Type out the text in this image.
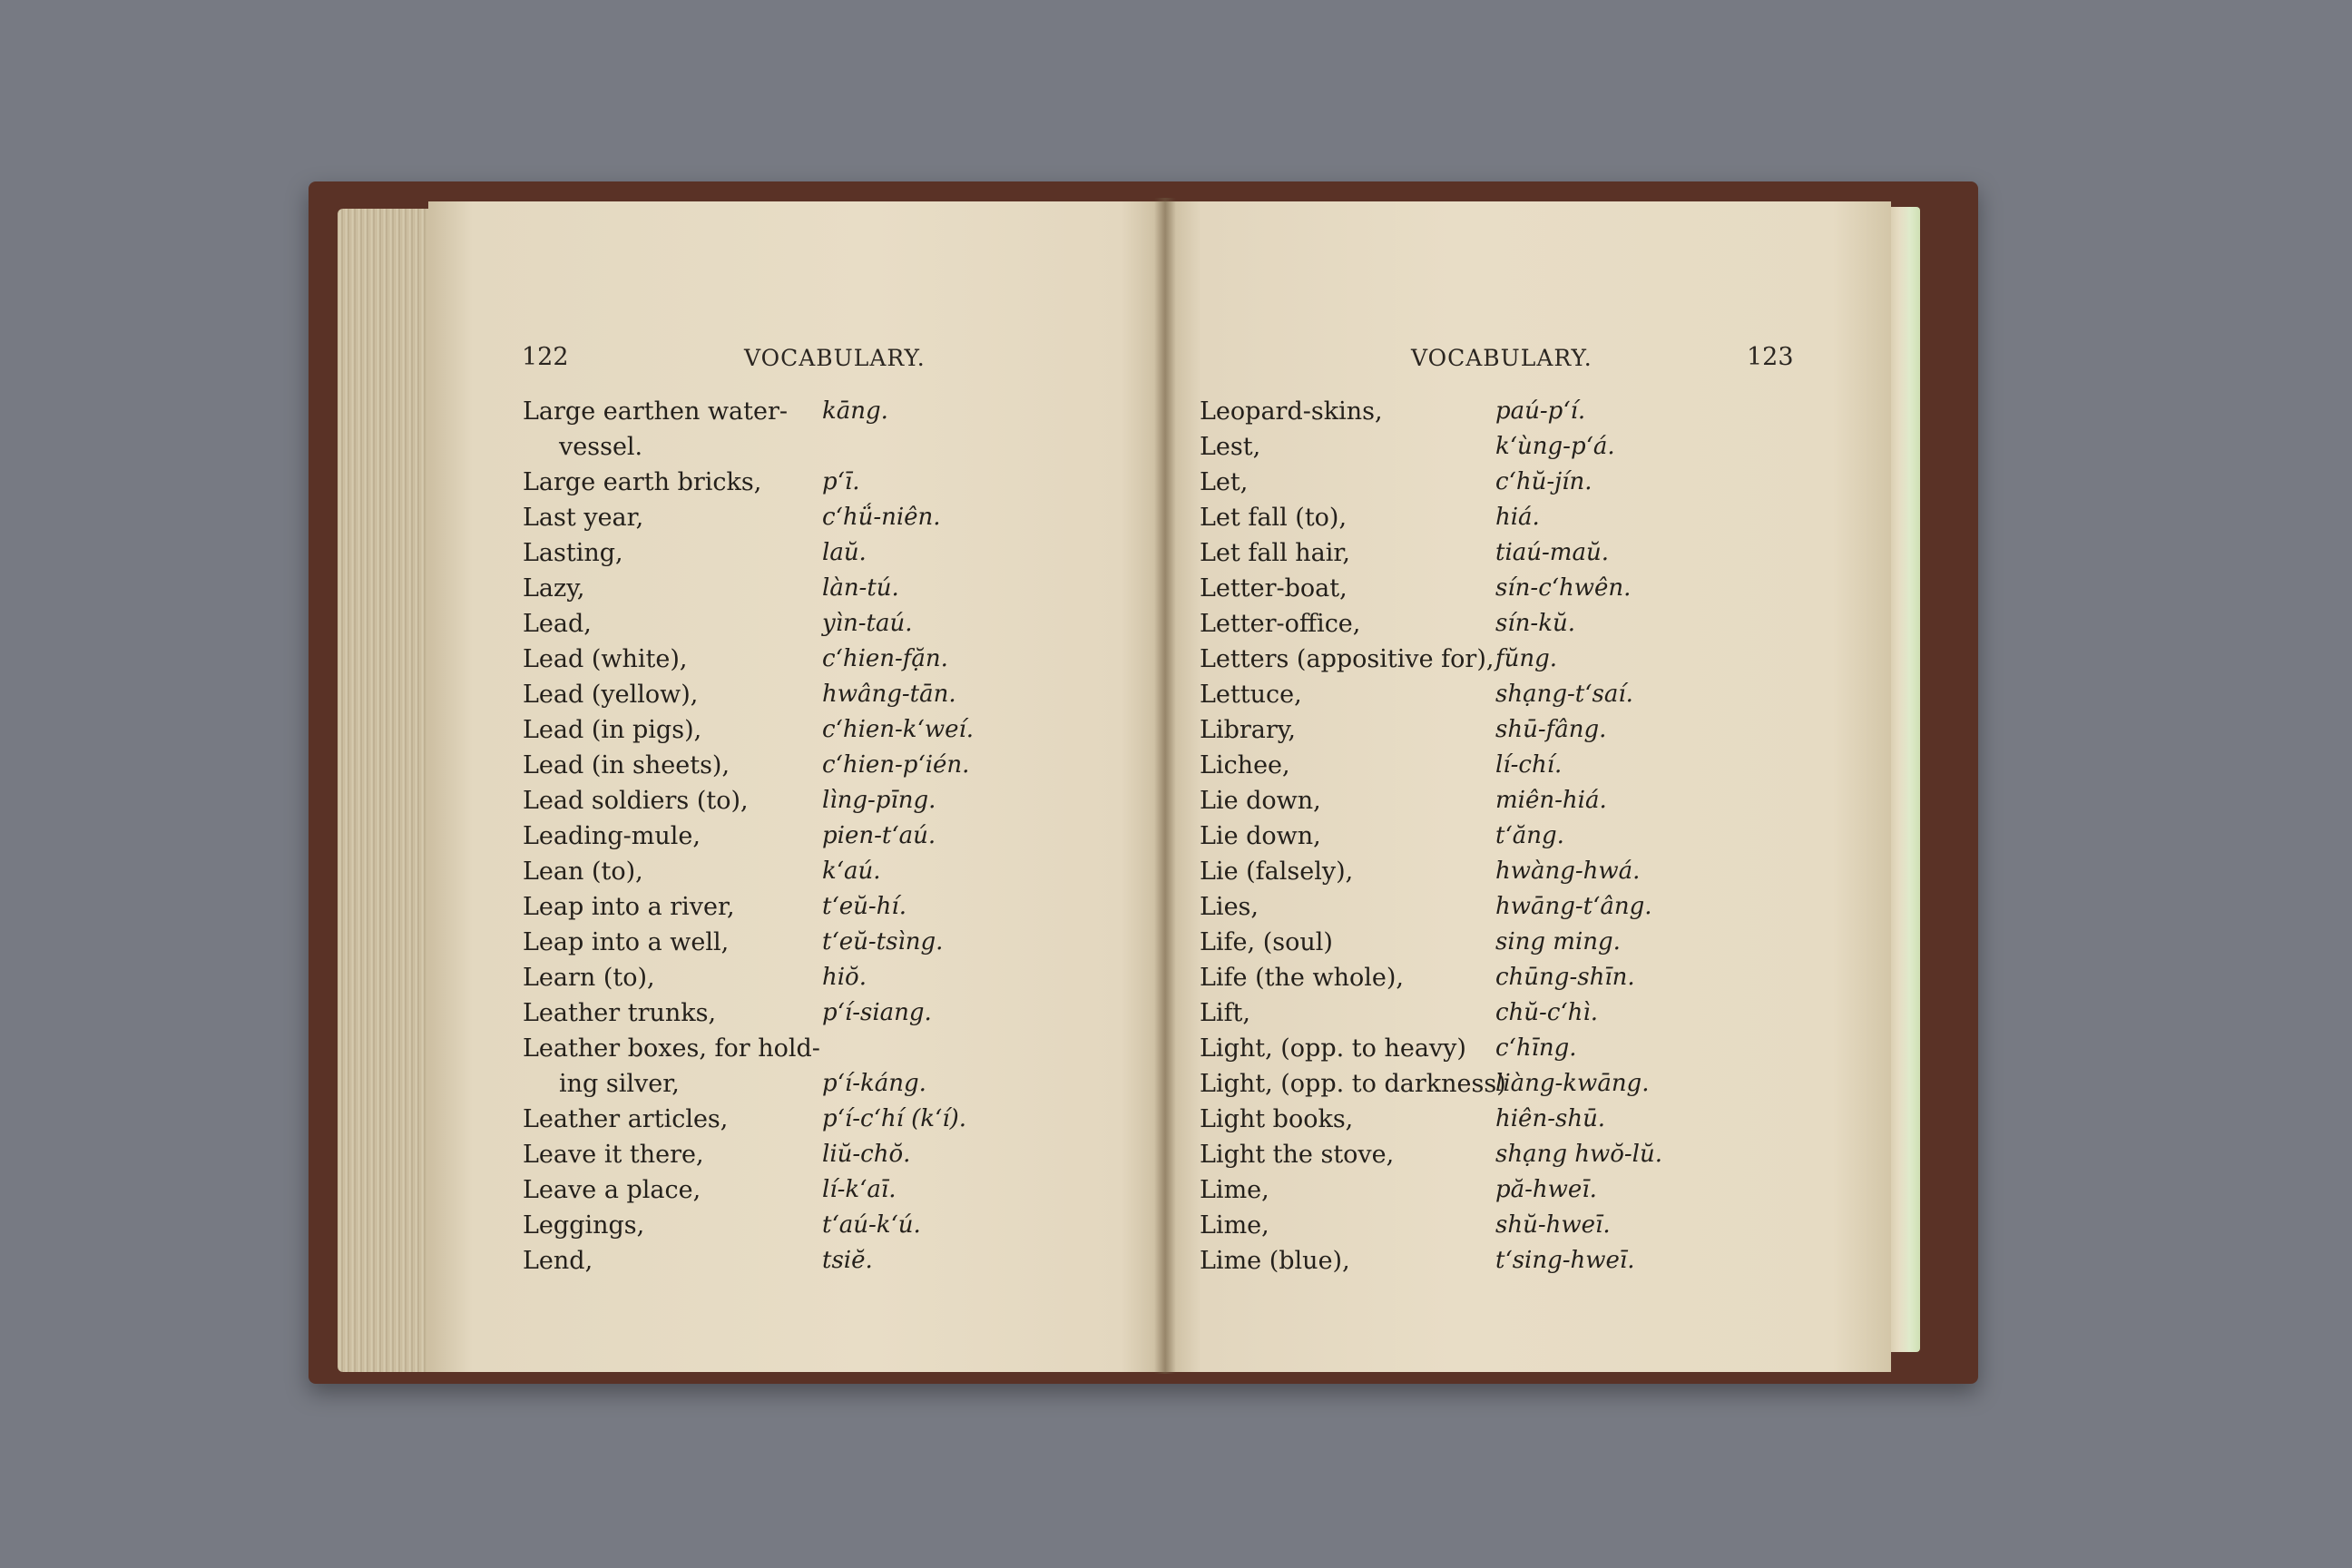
122	VOCABULARY.	VOCABULARY.	123
Large earthen water- kāng.
vessel.
Large earth bricks,	p‘ī.
Last year,	c‘hǘ-niên.
Lasting,	laŭ.
Lazy,	làn-tú.
Lead,	yìn-taú.
Lead (white),	c‘hien-fặn.
Lead (yellow),	hwâng-tān.
Lead (in pigs),	c‘hien-k‘weí.
Lead (in sheets),	c‘hien-p‘ién.
Lead soldiers (to),	lìng-pīng.
Leading-mule,	pien-t‘aú.
Lean (to),	k‘aú.
Leap into a river,	t‘eŭ-hí.
Leap into a well,	t‘eŭ-tsìng.
Learn (to),	hiŏ.
Leather trunks,	p‘í-siang.
Leather boxes, for hold-
ing silver,	p‘í-káng.
Leather articles,	p‘í-c‘hí (k‘í).
Leave it there,	liŭ-chŏ.
Leave a place,	lí-k‘aī.
Leggings,	t‘aú-k‘ú.
Lend,	tsiĕ.
Leopard-skins,	paú-p‘í.
Lest,	k‘ùng-p‘á.
Let,	c‘hŭ-jín.
Let fall (to),	hiá.
Let fall hair,	tiaú-maŭ.
Letter-boat,	sín-c‘hwên.
Letter-office,	sín-kŭ.
Letters (appositive for), fŭng.
Lettuce,	shạng-t‘saí.
Library,	shū-fâng.
Lichee,	lí-chí.
Lie down,	miên-hiá.
Lie down,	t‘ăng.
Lie (falsely),	hwàng-hwá.
Lies,	hwāng-t‘âng.
Life, (soul)	sing ming.
Life (the whole),	chūng-shīn.
Lift,	chŭ-c‘hì.
Light, (opp. to heavy) c‘hīng.
Light, (opp. to darkness)
liàng-kwāng.
Light books,	hiên-shū.
Light the stove,	shạng hwŏ-lŭ.
Lime,	pă-hweī.
Lime,	shŭ-hweī.
Lime (blue),	t‘sing-hweī.
